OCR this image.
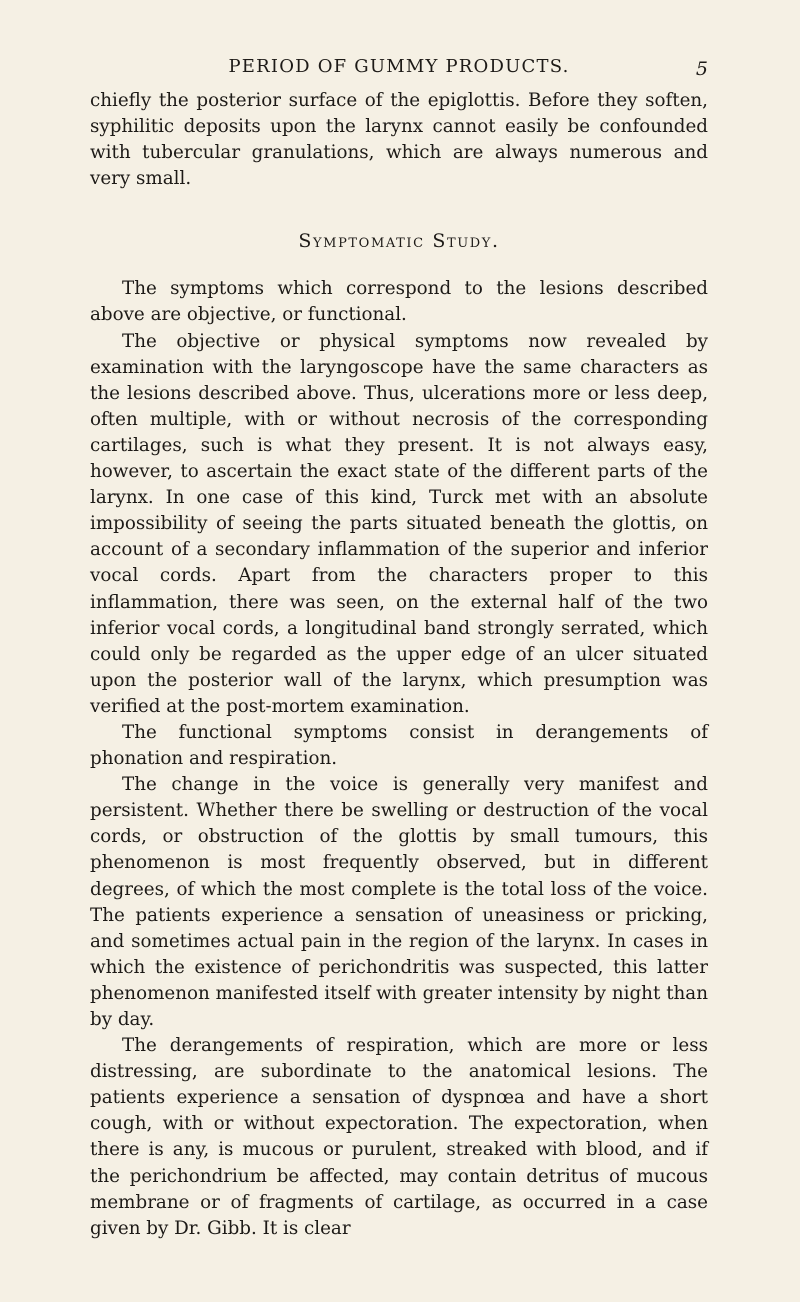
PERIOD OF GUMMY PRODUCTS.	5

chiefly the posterior surface of the epiglottis. Before they soften, syphilitic deposits upon the larynx cannot easily be confounded with tubercular granulations, which are always numerous and very small.

Symptomatic Study.

The symptoms which correspond to the lesions described above are objective, or functional.

The objective or physical symptoms now revealed by examination with the laryngoscope have the same characters as the lesions described above. Thus, ulcerations more or less deep, often multiple, with or without necrosis of the corresponding cartilages, such is what they present. It is not always easy, however, to ascertain the exact state of the different parts of the larynx. In one case of this kind, Turck met with an absolute impossibility of seeing the parts situated beneath the glottis, on account of a secondary inflammation of the superior and inferior vocal cords. Apart from the characters proper to this inflammation, there was seen, on the external half of the two inferior vocal cords, a longitudinal band strongly serrated, which could only be regarded as the upper edge of an ulcer situated upon the posterior wall of the larynx, which presumption was verified at the post-mortem examination.

The functional symptoms consist in derangements of phonation and respiration.

The change in the voice is generally very manifest and persistent. Whether there be swelling or destruction of the vocal cords, or obstruction of the glottis by small tumours, this phenomenon is most frequently observed, but in different degrees, of which the most complete is the total loss of the voice. The patients experience a sensation of uneasiness or pricking, and sometimes actual pain in the region of the larynx. In cases in which the existence of perichondritis was suspected, this latter phenomenon manifested itself with greater intensity by night than by day.

The derangements of respiration, which are more or less distressing, are subordinate to the anatomical lesions. The patients experience a sensation of dyspnœa and have a short cough, with or without expectoration. The expectoration, when there is any, is mucous or purulent, streaked with blood, and if the perichondrium be affected, may contain detritus of mucous membrane or of fragments of cartilage, as occurred in a case given by Dr. Gibb. It is clear
